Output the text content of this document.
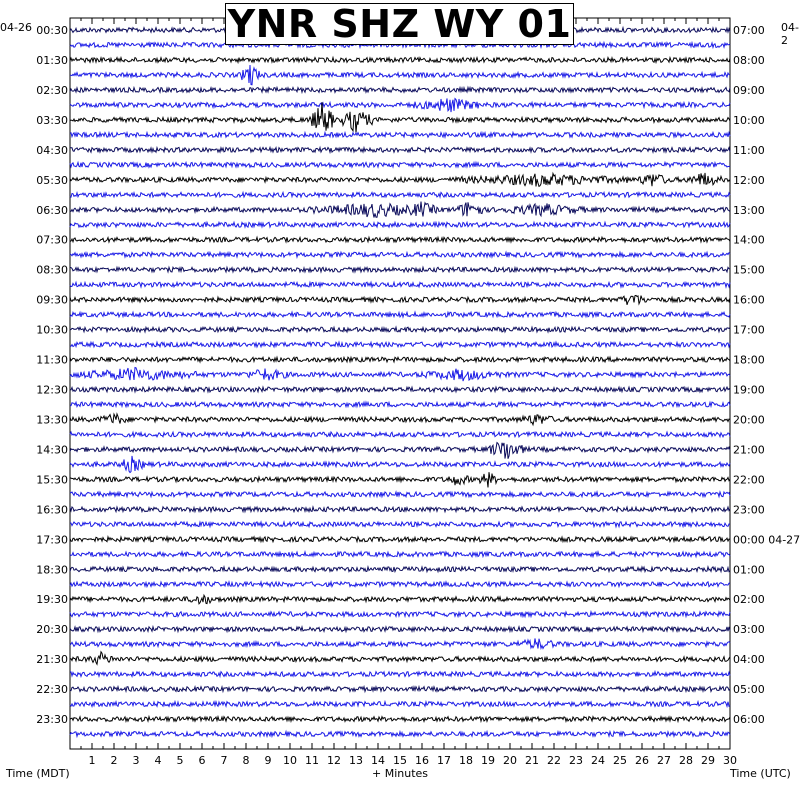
1 2 3 4 5 6 7 8 9 10 11 12 13 14 15 16 17 18 19 20 21 22 23 24 25 26 27 28 29 30
00:30
01:30
02:30
03:30
04:30
05:30
06:30
07:30
08:30
09:30
10:30
11:30
12:30
13:30
14:30
15:30
16:30
17:30
18:30
19:30
20:30
21:30
22:30
23:30
07:00
08:00
09:00
10:00
11:00
12:00
13:00
14:00
15:00
16:00
17:00
18:00
19:00
20:00
21:00
22:00
23:00
00:00 04-27
01:00
02:00
03:00
04:00
05:00
06:00
YNR SHZ WY 01
04-26	04-2
Time (MDT)	+ Minutes	Time (UTC)
